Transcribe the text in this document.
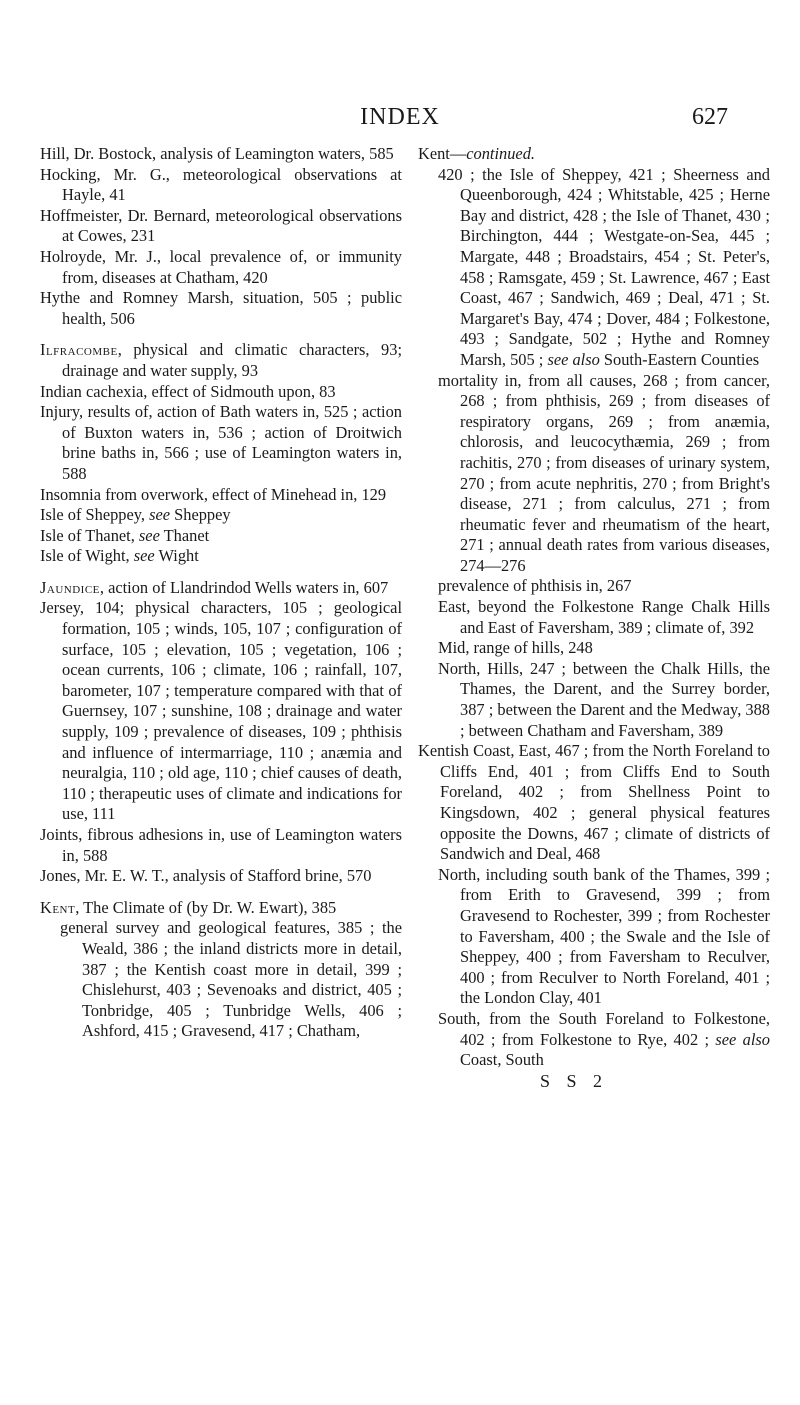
INDEX	627

Hill, Dr. Bostock, analysis of Leamington waters, 585

Hocking, Mr. G., meteorological observations at Hayle, 41

Hoffmeister, Dr. Bernard, meteorological observations at Cowes, 231

Holroyde, Mr. J., local prevalence of, or immunity from, diseases at Chatham, 420

Hythe and Romney Marsh, situation, 505 ; public health, 506

Ilfracombe, physical and climatic characters, 93; drainage and water supply, 93

Indian cachexia, effect of Sidmouth upon, 83

Injury, results of, action of Bath waters in, 525 ; action of Buxton waters in, 536 ; action of Droitwich brine baths in, 566 ; use of Leamington waters in, 588

Insomnia from overwork, effect of Minehead in, 129

Isle of Sheppey, see Sheppey

Isle of Thanet, see Thanet

Isle of Wight, see Wight

Jaundice, action of Llandrindod Wells waters in, 607

Jersey, 104; physical characters, 105 ; geological formation, 105 ; winds, 105, 107 ; configuration of surface, 105 ; elevation, 105 ; vegetation, 106 ; ocean currents, 106 ; climate, 106 ; rainfall, 107, barometer, 107 ; temperature compared with that of Guernsey, 107 ; sunshine, 108 ; drainage and water supply, 109 ; prevalence of diseases, 109 ; phthisis and influence of intermarriage, 110 ; anæmia and neuralgia, 110 ; old age, 110 ; chief causes of death, 110 ; therapeutic uses of climate and indications for use, 111

Joints, fibrous adhesions in, use of Leamington waters in, 588

Jones, Mr. E. W. T., analysis of Stafford brine, 570

Kent, The Climate of (by Dr. W. Ewart), 385

general survey and geological features, 385 ; the Weald, 386 ; the inland districts more in detail, 387 ; the Kentish coast more in detail, 399 ; Chislehurst, 403 ; Sevenoaks and district, 405 ; Tonbridge, 405 ; Tunbridge Wells, 406 ; Ashford, 415 ; Gravesend, 417 ; Chatham,

Kent—continued.

420 ; the Isle of Sheppey, 421 ; Sheerness and Queenborough, 424 ; Whitstable, 425 ; Herne Bay and district, 428 ; the Isle of Thanet, 430 ; Birchington, 444 ; Westgate-on-Sea, 445 ; Margate, 448 ; Broadstairs, 454 ; St. Peter's, 458 ; Ramsgate, 459 ; St. Lawrence, 467 ; East Coast, 467 ; Sandwich, 469 ; Deal, 471 ; St. Margaret's Bay, 474 ; Dover, 484 ; Folkestone, 493 ; Sandgate, 502 ; Hythe and Romney Marsh, 505 ; see also South-Eastern Counties

mortality in, from all causes, 268 ; from cancer, 268 ; from phthisis, 269 ; from diseases of respiratory organs, 269 ; from anæmia, chlorosis, and leucocythæmia, 269 ; from rachitis, 270 ; from diseases of urinary system, 270 ; from acute nephritis, 270 ; from Bright's disease, 271 ; from calculus, 271 ; from rheumatic fever and rheumatism of the heart, 271 ; annual death rates from various diseases, 274—276

prevalence of phthisis in, 267

East, beyond the Folkestone Range Chalk Hills and East of Faversham, 389 ; climate of, 392

Mid, range of hills, 248

North, Hills, 247 ; between the Chalk Hills, the Thames, the Darent, and the Surrey border, 387 ; between the Darent and the Medway, 388 ; between Chatham and Faversham, 389

Kentish Coast, East, 467 ; from the North Foreland to Cliffs End, 401 ; from Cliffs End to South Foreland, 402 ; from Shellness Point to Kingsdown, 402 ; general physical features opposite the Downs, 467 ; climate of districts of Sandwich and Deal, 468

North, including south bank of the Thames, 399 ; from Erith to Gravesend, 399 ; from Gravesend to Rochester, 399 ; from Rochester to Faversham, 400 ; the Swale and the Isle of Sheppey, 400 ; from Faversham to Reculver, 400 ; from Reculver to North Foreland, 401 ; the London Clay, 401

South, from the South Foreland to Folkestone, 402 ; from Folkestone to Rye, 402 ; see also Coast, South

S S 2
